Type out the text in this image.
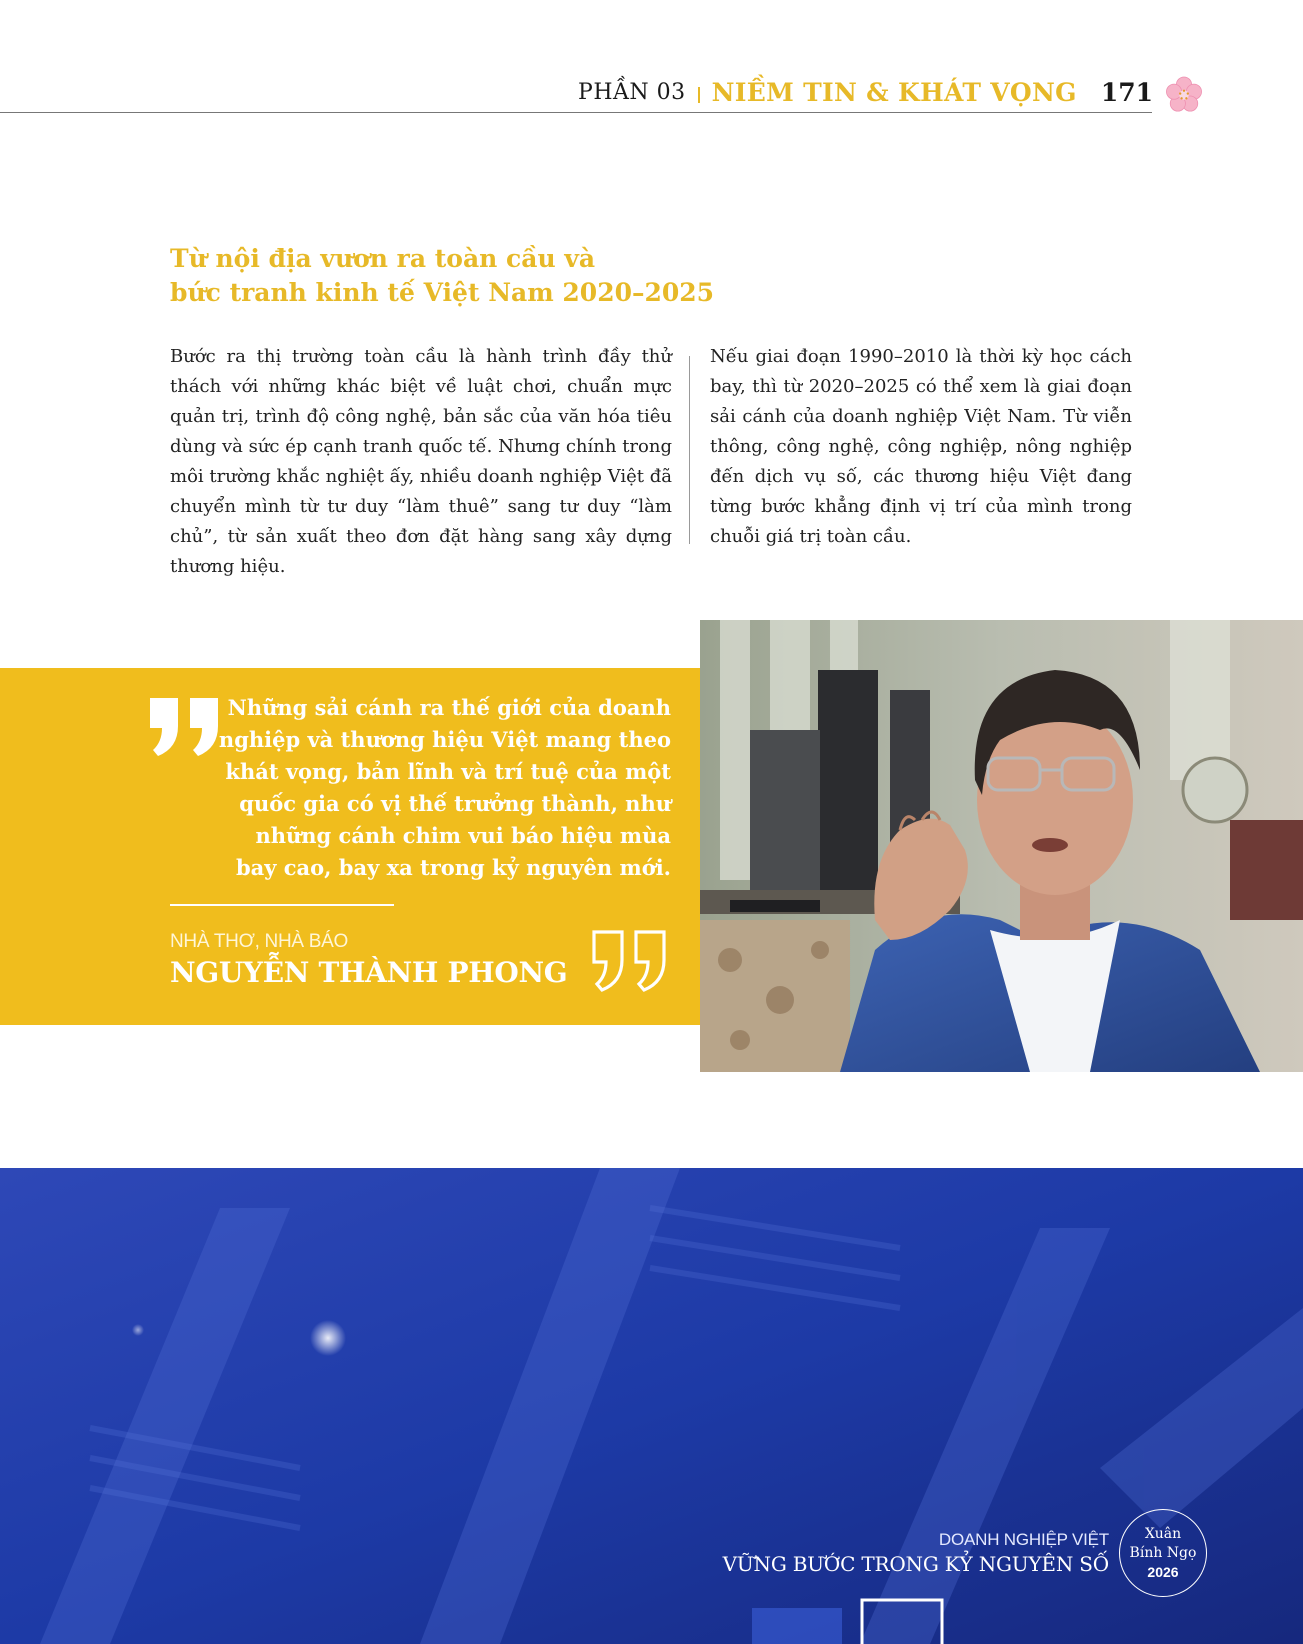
PHẦN 03 NIỀM TIN & KHÁT VỌNG 171
Từ nội địa vươn ra toàn cầu và
bức tranh kinh tế Việt Nam 2020–2025

Bước ra thị trường toàn cầu là hành trình đầy thử thách với những khác biệt về luật chơi, chuẩn mực quản trị, trình độ công nghệ, bản sắc của văn hóa tiêu dùng và sức ép cạnh tranh quốc tế. Nhưng chính trong môi trường khắc nghiệt ấy, nhiều doanh nghiệp Việt đã chuyển mình từ tư duy “làm thuê” sang tư duy “làm chủ”, từ sản xuất theo đơn đặt hàng sang xây dựng thương hiệu.

Nếu giai đoạn 1990–2010 là thời kỳ học cách bay, thì từ 2020–2025 có thể xem là giai đoạn sải cánh của doanh nghiệp Việt Nam. Từ viễn thông, công nghệ, công nghiệp, nông nghiệp đến dịch vụ số, các thương hiệu Việt đang từng bước khẳng định vị trí của mình trong chuỗi giá trị toàn cầu.

Những sải cánh ra thế giới của doanh nghiệp và thương hiệu Việt mang theo khát vọng, bản lĩnh và trí tuệ của một quốc gia có vị thế trưởng thành, như những cánh chim vui báo hiệu mùa bay cao, bay xa trong kỷ nguyên mới.
NHÀ THƠ, NHÀ BÁO
NGUYỄN THÀNH PHONG
DOANH NGHIỆP VIỆT
VỮNG BƯỚC TRONG KỶ NGUYÊN SỐ
Xuân
Bính Ngọ
2026
